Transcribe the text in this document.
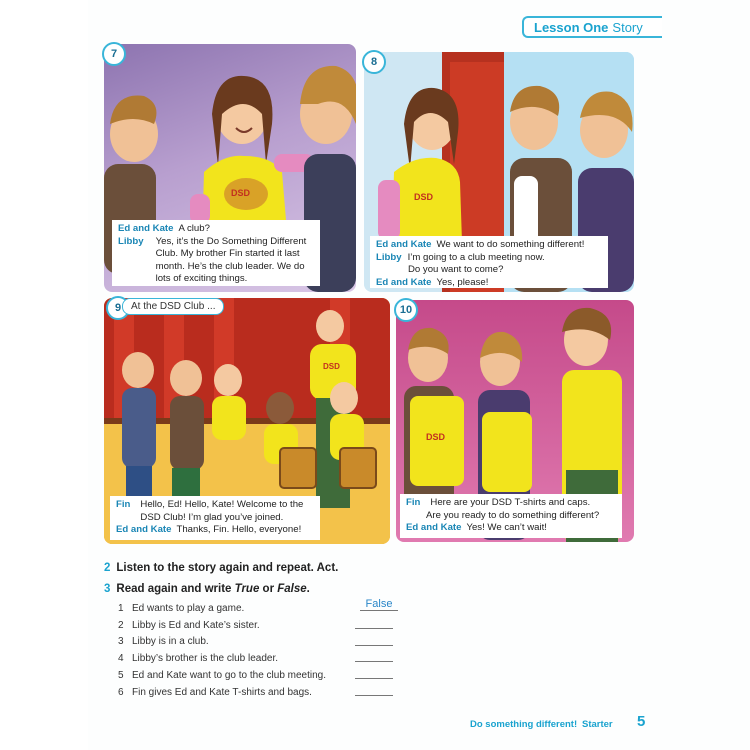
Lesson One Story
DSD
Ed and Kate A club?
Libby Yes, it’s the Do Something Different Club. My brother Fin started it last month. He’s the club leader. We do lots of exciting things.
7
DSD
Ed and Kate We want to do something different!
Libby I’m going to a club meeting now.
Do you want to come?
Ed and Kate Yes, please!
8
DSD
Fin Hello, Ed! Hello, Kate! Welcome to the DSD Club! I’m glad you’ve joined.
Ed and Kate Thanks, Fin. Hello, everyone!
9 At the DSD Club ...
DSD
Fin Here are your DSD T-shirts and caps.
Are you ready to do something different?
Ed and Kate Yes! We can’t wait!
10
2 Listen to the story again and repeat. Act.
3 Read again and write True or False.
False
1 Ed wants to play a game.
2 Libby is Ed and Kate’s sister.
3 Libby is in a club.
4 Libby’s brother is the club leader.
5 Ed and Kate want to go to the club meeting.
6 Fin gives Ed and Kate T-shirts and bags.
Do something different! Starter 5
